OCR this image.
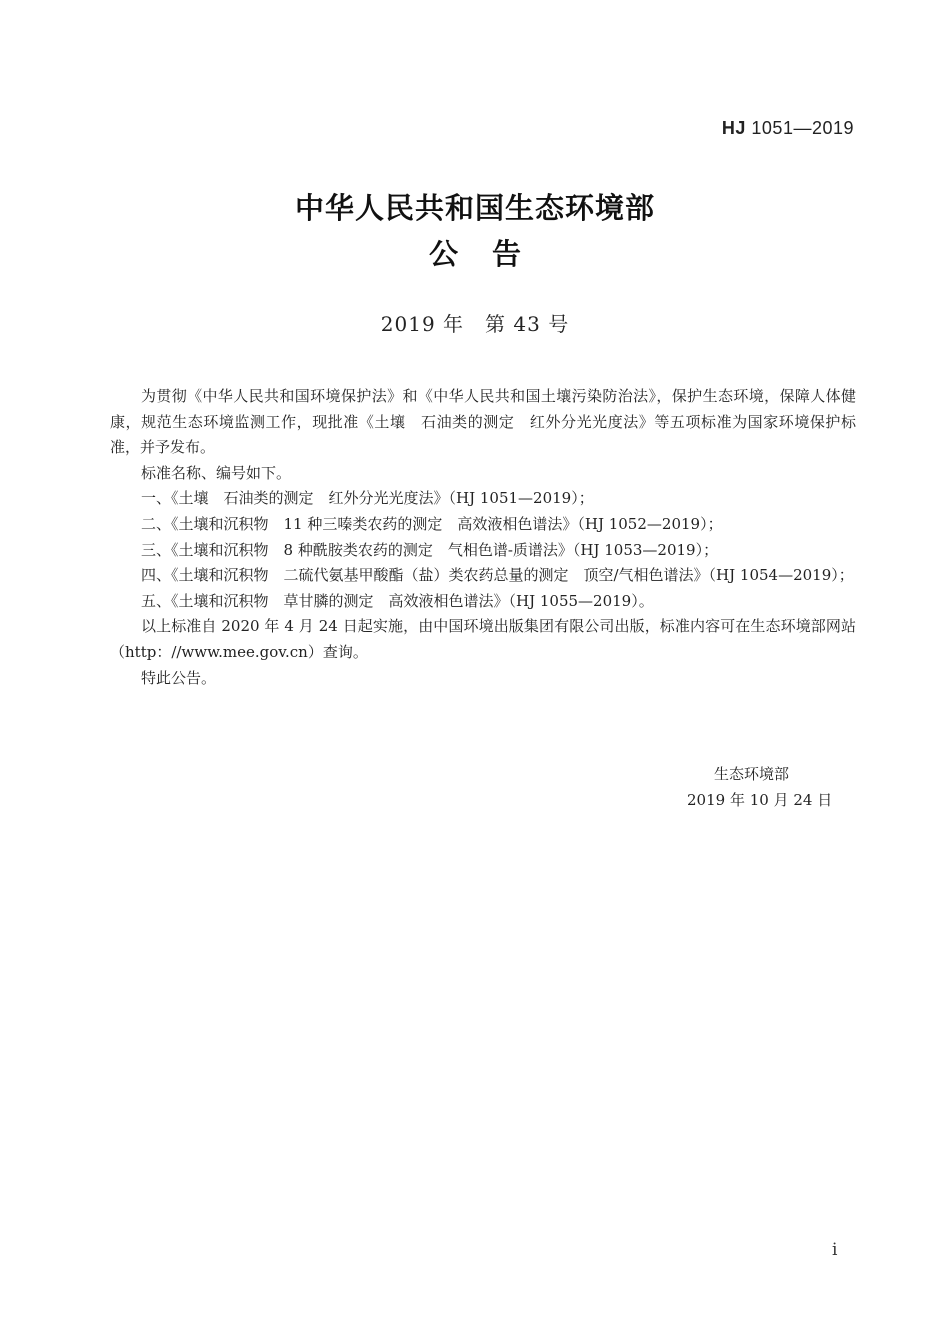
HJ 1051—2019
中华人民共和国生态环境部
公告
2019 年　第 43 号

为贯彻《中华人民共和国环境保护法》和《中华人民共和国土壤污染防治法》，保护生态环境，保障人体健康，规范生态环境监测工作，现批准《土壤　石油类的测定　红外分光光度法》等五项标准为国家环境保护标准，并予发布。

标准名称、编号如下。

一、《土壤　石油类的测定　红外分光光度法》（HJ 1051—2019）；

二、《土壤和沉积物　11 种三嗪类农药的测定　高效液相色谱法》（HJ 1052—2019）；

三、《土壤和沉积物　8 种酰胺类农药的测定　气相色谱-质谱法》（HJ 1053—2019）；

四、《土壤和沉积物　二硫代氨基甲酸酯（盐）类农药总量的测定　顶空/气相色谱法》（HJ 1054—2019）；

五、《土壤和沉积物　草甘膦的测定　高效液相色谱法》（HJ 1055—2019）。

以上标准自 2020 年 4 月 24 日起实施，由中国环境出版集团有限公司出版，标准内容可在生态环境部网站（http：//www.mee.gov.cn）查询。

特此公告。

生态环境部
2019 年 10 月 24 日
i
